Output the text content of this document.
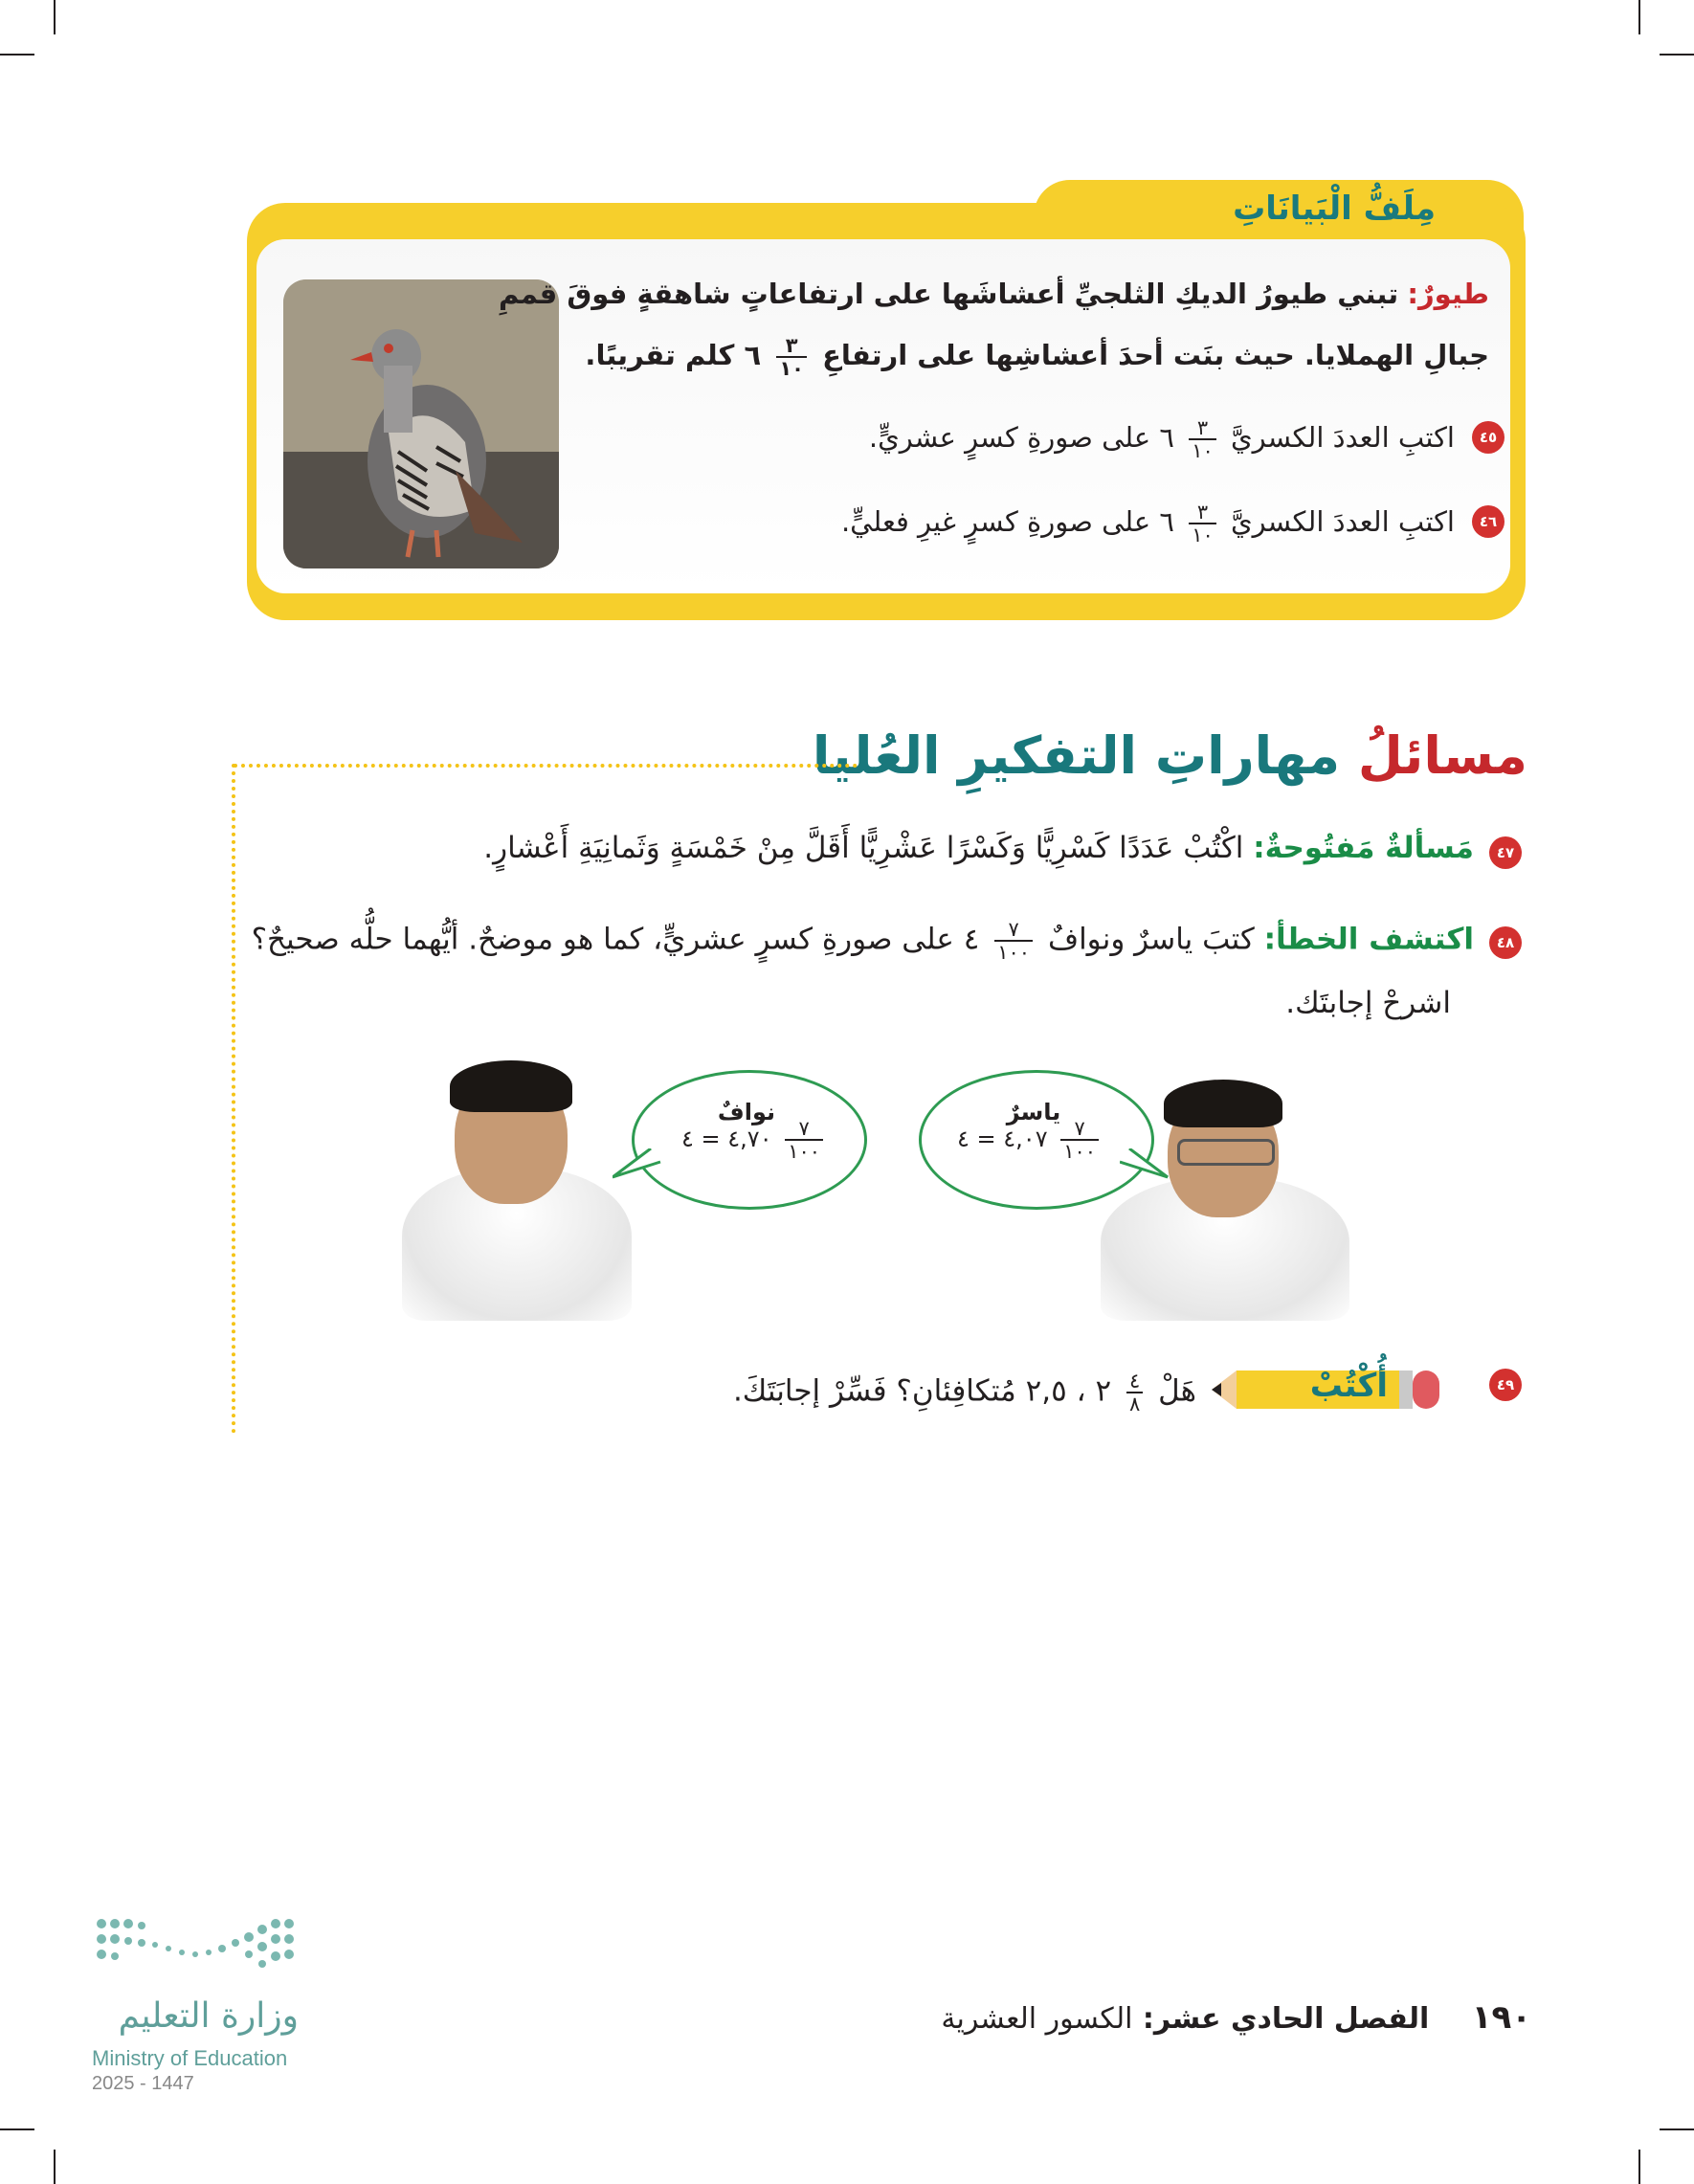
مِلَفُّ الْبَيانَاتِ
طيورٌ: تبني طيورُ الديكِ الثلجيِّ أعشاشَها على ارتفاعاتٍ شاهقةٍ فوقَ قممِ
جبالِ الهملايا. حيث بنَت أحدَ أعشاشِها على ارتفاعِ
$\frac{٣}{١٠}$
٦ كلم تقريبًا.
٤٥
اكتبِ العددَ الكسريَّ
$\frac{٣}{١٠}$
٦ على صورةِ كسرٍ عشريٍّ.
٤٦
اكتبِ العددَ الكسريَّ
$\frac{٣}{١٠}$
٦ على صورةِ كسرٍ غيرِ فعليٍّ.
مسائلُ مهاراتِ التفكيرِ العُليا
٤٧
مَسألةٌ مَفتُوحةٌ: اكْتُبْ عَدَدًا كَسْرِيًّا وَكَسْرًا عَشْرِيًّا أَقَلَّ مِنْ خَمْسَةٍ وَثَمانِيَةِ أَعْشارٍ.
٤٨
اكتشف الخطأ: كتبَ ياسرٌ ونوافٌ
$\frac{٧}{١٠٠}$
٤ على صورةِ كسرٍ عشريٍّ، كما هو موضحٌ. أيُّهما حلُّه صحيحٌ؟
اشرحْ إجابتَك.
نوافٌ
٤,٧٠ = ٤	$\frac{٧}{١٠٠}$
ياسرٌ
٤,٠٧ = ٤	$\frac{٧}{١٠٠}$
٤٩
أُكْتُبْ
هَلْ
$\frac{٤}{٨}$
٢ ، ٢,٥ مُتكافِئانِ؟ فَسِّرْ إجابَتَكَ.
وزارة التعليم
Ministry of Education
2025 - 1447
١٩٠ الفصل الحادي عشر: الكسور العشرية
